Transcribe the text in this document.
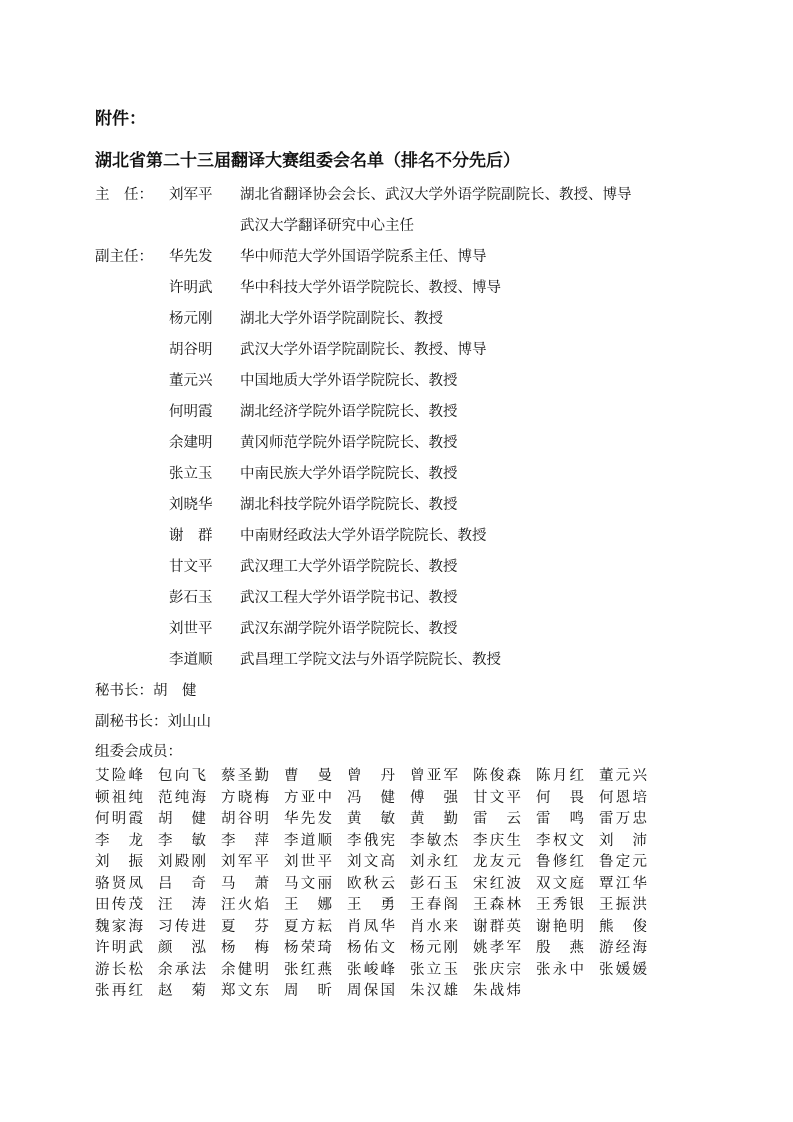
附件：
湖北省第二十三届翻译大赛组委会名单（排名不分先后）
主　任： 刘军平 湖北省翻译协会会长、武汉大学外语学院副院长、教授、博导
武汉大学翻译研究中心主任
副主任： 华先发 华中师范大学外国语学院系主任、博导
许明武 华中科技大学外语学院院长、教授、博导
杨元刚 湖北大学外语学院副院长、教授
胡谷明 武汉大学外语学院副院长、教授、博导
董元兴 中国地质大学外语学院院长、教授
何明霞 湖北经济学院外语学院院长、教授
余建明 黄冈师范学院外语学院院长、教授
张立玉 中南民族大学外语学院院长、教授
刘晓华 湖北科技学院外语学院院长、教授
谢　群 中南财经政法大学外语学院院长、教授
甘文平 武汉理工大学外语学院院长、教授
彭石玉 武汉工程大学外语学院书记、教授
刘世平 武汉东湖学院外语学院院长、教授
李道顺 武昌理工学院文法与外语学院院长、教授
秘书长：胡　健
副秘书长：刘山山
组委会成员：
艾险峰 包向飞 蔡圣勤 曹　曼 曾　丹 曾亚军 陈俊森 陈月红 董元兴
顿祖纯 范纯海 方晓梅 方亚中 冯　健 傅　强 甘文平 何　畏 何恩培
何明霞 胡　健 胡谷明 华先发 黄　敏 黄　勤 雷　云 雷　鸣 雷万忠
李　龙 李　敏 李　萍 李道顺 李俄宪 李敏杰 李庆生 李权文 刘　沛
刘　振 刘殿刚 刘军平 刘世平 刘文高 刘永红 龙友元 鲁修红 鲁定元
骆贤凤 吕　奇 马　萧 马文丽 欧秋云 彭石玉 宋红波 双文庭 覃江华
田传茂 汪　涛 汪火焰 王　娜 王　勇 王春阁 王森林 王秀银 王振洪
魏家海 习传进 夏　芬 夏方耘 肖凤华 肖水来 谢群英 谢艳明 熊　俊
许明武 颜　泓 杨　梅 杨荣琦 杨佑文 杨元刚 姚孝军 殷　燕 游经海
游长松 余承法 余健明 张红燕 张峻峰 张立玉 张庆宗 张永中 张媛媛
张再红 赵　菊 郑文东 周　昕 周保国 朱汉雄 朱战炜
